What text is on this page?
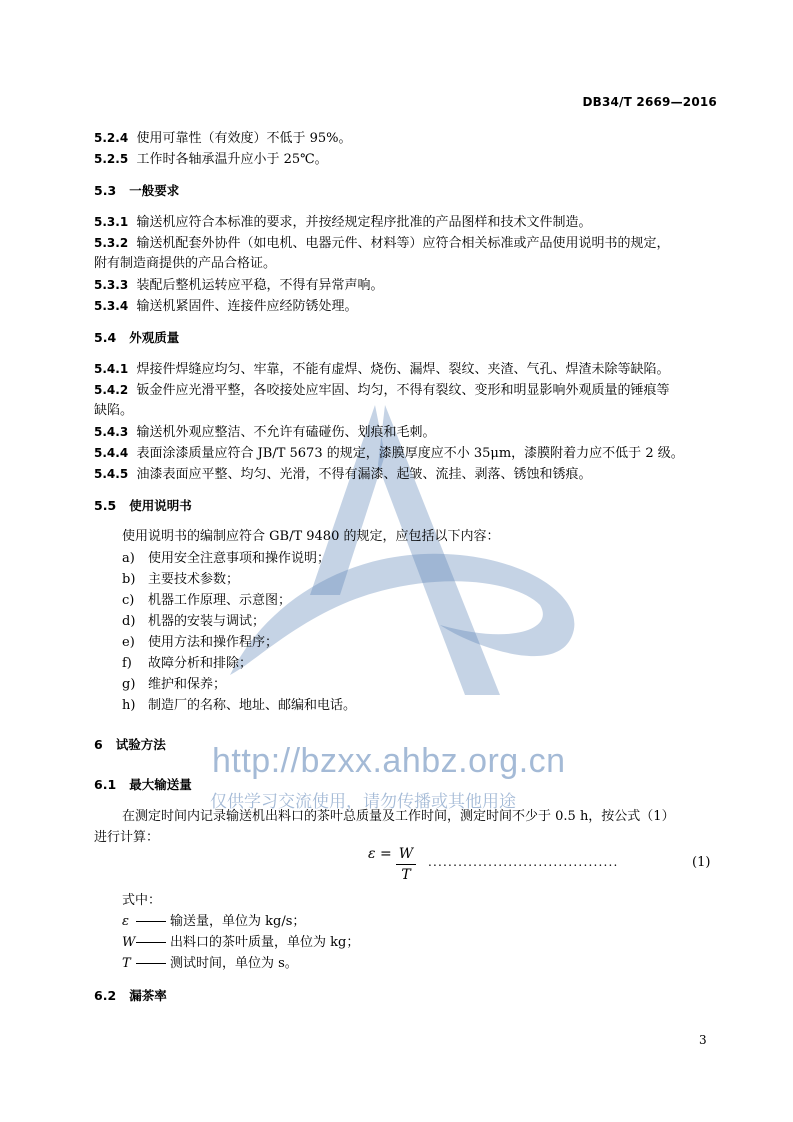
DB34/T 2669—2016
5.2.4 使用可靠性（有效度）不低于 95%。
5.2.5 工作时各轴承温升应小于 25℃。
5.3 一般要求
5.3.1 输送机应符合本标准的要求，并按经规定程序批准的产品图样和技术文件制造。
5.3.2 输送机配套外协件（如电机、电器元件、材料等）应符合相关标准或产品使用说明书的规定，
附有制造商提供的产品合格证。
5.3.3 装配后整机运转应平稳，不得有异常声响。
5.3.4 输送机紧固件、连接件应经防锈处理。
5.4 外观质量
5.4.1 焊接件焊缝应均匀、牢靠，不能有虚焊、烧伤、漏焊、裂纹、夹渣、气孔、焊渣未除等缺陷。
5.4.2 钣金件应光滑平整，各咬接处应牢固、均匀，不得有裂纹、变形和明显影响外观质量的锤痕等
缺陷。
5.4.3 输送机外观应整洁、不允许有磕碰伤、划痕和毛刺。
5.4.4 表面涂漆质量应符合 JB/T 5673 的规定，漆膜厚度应不小 35μm，漆膜附着力应不低于 2 级。
5.4.5 油漆表面应平整、均匀、光滑，不得有漏漆、起皱、流挂、剥落、锈蚀和锈痕。
5.5 使用说明书
使用说明书的编制应符合 GB/T 9480 的规定，应包括以下内容：
a) 使用安全注意事项和操作说明；
b) 主要技术参数；
c) 机器工作原理、示意图；
d) 机器的安装与调试；
e) 使用方法和操作程序；
f) 故障分析和排除；
g) 维护和保养；
h) 制造厂的名称、地址、邮编和电话。
6 试验方法
6.1 最大输送量
在测定时间内记录输送机出料口的茶叶总质量及工作时间，测定时间不少于 0.5 h，按公式（1）
进行计算：
ε = W
T
......................................	(1)
式中：
ε	输送量，单位为 kg/s；
W	出料口的茶叶质量，单位为 kg；
T	测试时间，单位为 s。
6.2 漏茶率
http://bzxx.ahbz.org.cn
仅供学习交流使用，请勿传播或其他用途
3
